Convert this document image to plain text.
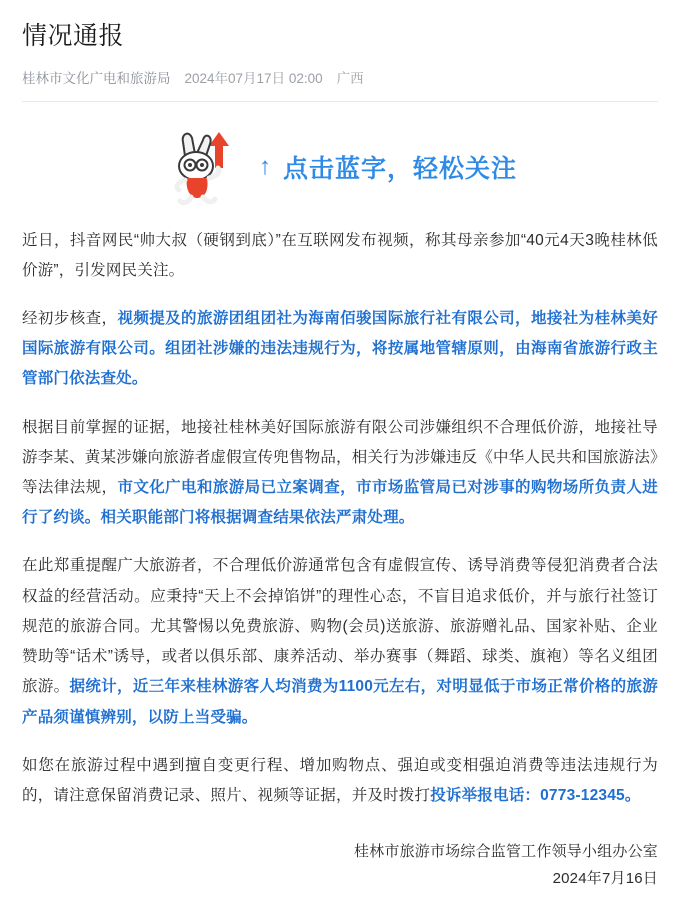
情况通报
桂林市文化广电和旅游局 2024年07月17日 02:00 广西
↑ 点击蓝字，轻松关注

近日，抖音网民“帅大叔（硬钢到底）”在互联网发布视频，称其母亲参加“40元4天3晚桂林低价游”，引发网民关注。

经初步核查，视频提及的旅游团组团社为海南佰骏国际旅行社有限公司，地接社为桂林美好国际旅游有限公司。组团社涉嫌的违法违规行为，将按属地管辖原则，由海南省旅游行政主管部门依法查处。

根据目前掌握的证据，地接社桂林美好国际旅游有限公司涉嫌组织不合理低价游，地接社导游李某、黄某涉嫌向旅游者虚假宣传兜售物品，相关行为涉嫌违反《中华人民共和国旅游法》等法律法规，市文化广电和旅游局已立案调查，市市场监管局已对涉事的购物场所负责人进行了约谈。相关职能部门将根据调查结果依法严肃处理。

在此郑重提醒广大旅游者，不合理低价游通常包含有虚假宣传、诱导消费等侵犯消费者合法权益的经营活动。应秉持“天上不会掉馅饼”的理性心态，不盲目追求低价，并与旅行社签订规范的旅游合同。尤其警惕以免费旅游、购物(会员)送旅游、旅游赠礼品、国家补贴、企业赞助等“话术”诱导，或者以俱乐部、康养活动、举办赛事（舞蹈、球类、旗袍）等名义组团旅游。据统计，近三年来桂林游客人均消费为1100元左右，对明显低于市场正常价格的旅游产品须谨慎辨别，以防上当受骗。

如您在旅游过程中遇到擅自变更行程、增加购物点、强迫或变相强迫消费等违法违规行为的，请注意保留消费记录、照片、视频等证据，并及时拨打投诉举报电话：0773-12345。

桂林市旅游市场综合监管工作领导小组办公室
2024年7月16日
